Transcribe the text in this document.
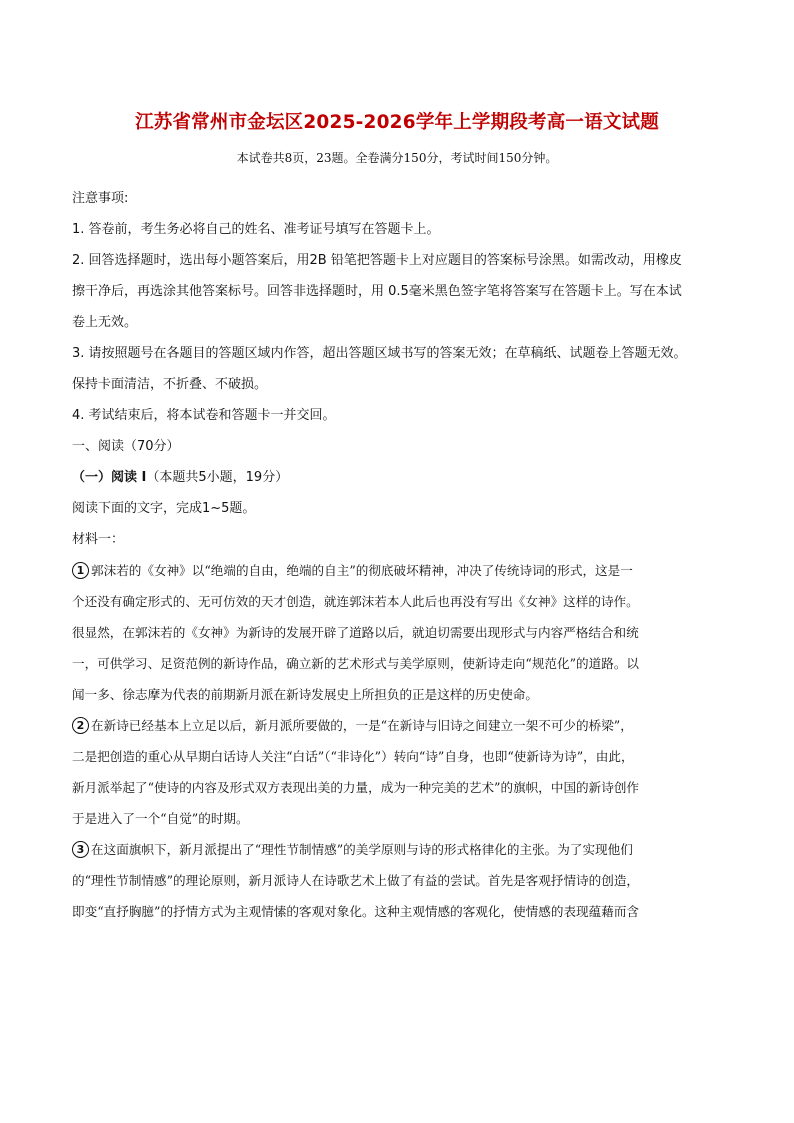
江苏省常州市金坛区2025-2026学年上学期段考高一语文试题
本试卷共8页，23题。全卷满分150分，考试时间150分钟。
注意事项:
1. 答卷前，考生务必将自己的姓名、准考证号填写在答题卡上。
2. 回答选择题时，选出每小题答案后，用2B 铅笔把答题卡上对应题目的答案标号涂黑。如需改动，用橡皮
擦干净后，再选涂其他答案标号。回答非选择题时，用 0.5毫米黑色签字笔将答案写在答题卡上。写在本试
卷上无效。
3. 请按照题号在各题目的答题区域内作答，超出答题区域书写的答案无效；在草稿纸、试题卷上答题无效。
保持卡面清洁，不折叠、不破损。
4. 考试结束后，将本试卷和答题卡一并交回。
一、阅读（70分）
（一）阅读 I（本题共5小题，19分）
阅读下面的文字，完成1~5题。
材料一：
1 郭沫若的《女神》以“绝端的自由，绝端的自主”的彻底破坏精神，冲决了传统诗词的形式，这是一
个还没有确定形式的、无可仿效的天才创造，就连郭沫若本人此后也再没有写出《女神》这样的诗作。
很显然，在郭沫若的《女神》为新诗的发展开辟了道路以后，就迫切需要出现形式与内容严格结合和统
一，可供学习、足资范例的新诗作品，确立新的艺术形式与美学原则，使新诗走向“规范化”的道路。以
闻一多、徐志摩为代表的前期新月派在新诗发展史上所担负的正是这样的历史使命。
2 在新诗已经基本上立足以后，新月派所要做的，一是“在新诗与旧诗之间建立一架不可少的桥梁”，
二是把创造的重心从早期白话诗人关注“白话”（“非诗化”）转向“诗”自身，也即“使新诗为诗”，由此，
新月派举起了“使诗的内容及形式双方表现出美的力量，成为一种完美的艺术”的旗帜，中国的新诗创作
于是进入了一个“自觉”的时期。
3 在这面旗帜下，新月派提出了“理性节制情感”的美学原则与诗的形式格律化的主张。为了实现他们
的“理性节制情感”的理论原则，新月派诗人在诗歌艺术上做了有益的尝试。首先是客观抒情诗的创造，
即变“直抒胸臆”的抒情方式为主观情愫的客观对象化。这种主观情感的客观化，使情感的表现蕴藉而含
